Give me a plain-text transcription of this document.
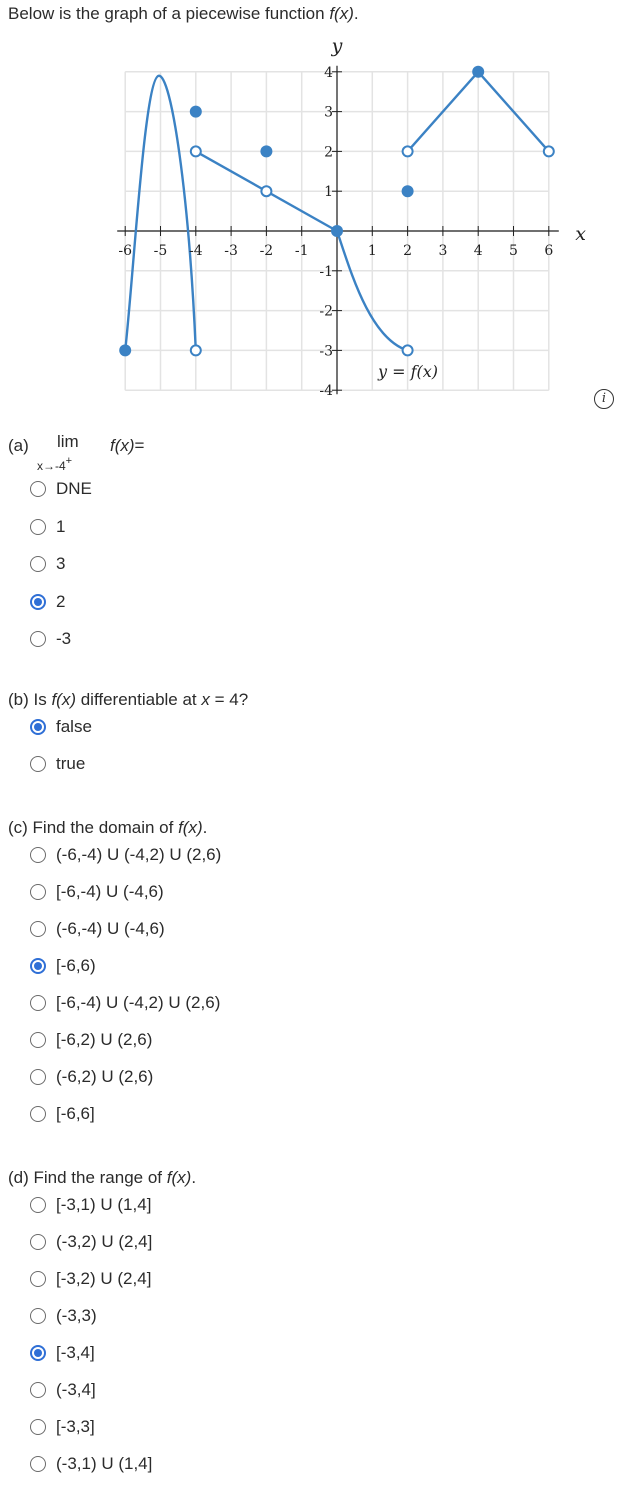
Below is the graph of a piecewise function f(x).
-6 -5 -4 -3 -2 -1	1 2 3 4 5 6
4
3
2
1
-1
-2
-3
-4
y
x
y = f(x)
i
(a) lim
x→-4+
f(x)=
DNE
1
3
2
-3
(b) Is f(x) differentiable at x = 4?
false
true
(c) Find the domain of f(x).
(-6,-4) U (-4,2) U (2,6)
[-6,-4) U (-4,6)
(-6,-4) U (-4,6)
[-6,6)
[-6,-4) U (-4,2) U (2,6)
[-6,2) U (2,6)
(-6,2) U (2,6)
[-6,6]
(d) Find the range of f(x).
[-3,1) U (1,4]
(-3,2) U (2,4]
[-3,2) U (2,4]
(-3,3)
[-3,4]
(-3,4]
[-3,3]
(-3,1) U (1,4]
